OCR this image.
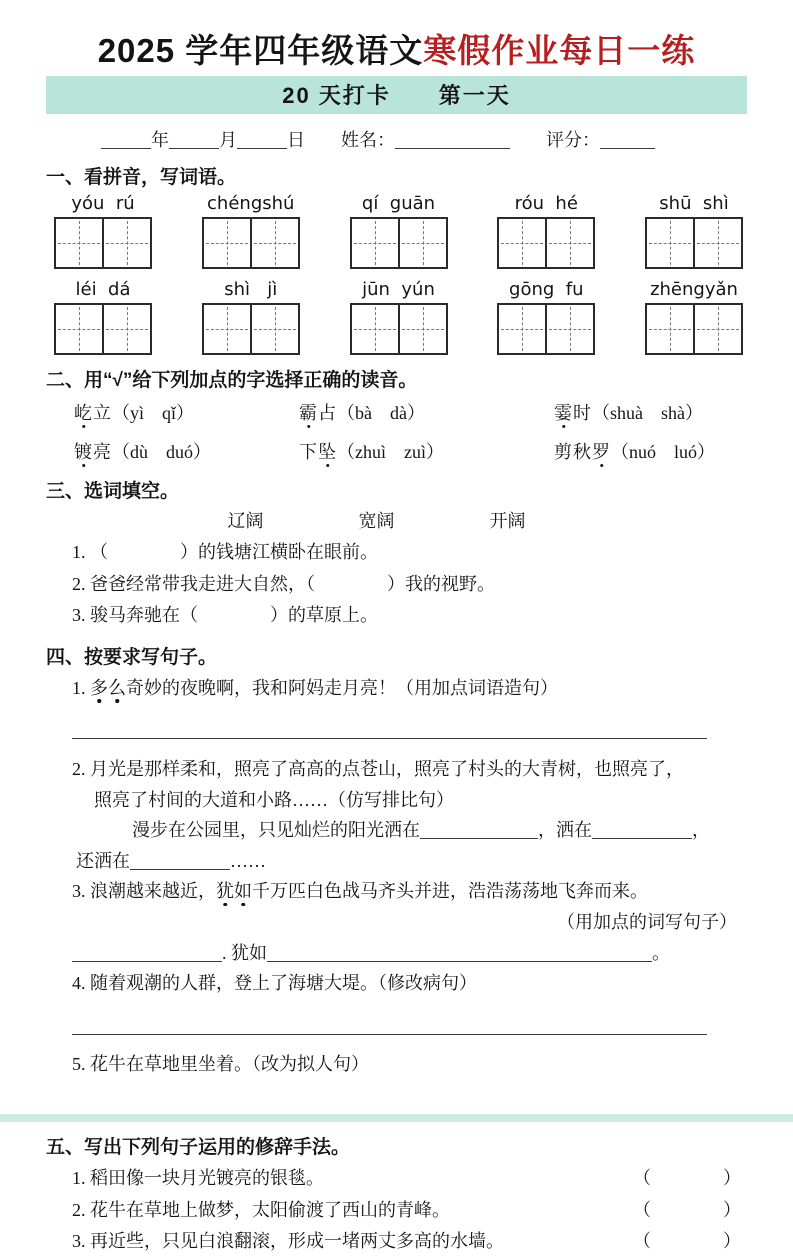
2025 学年四年级语文寒假作业每日一练
20 天打卡　　第一天
年	月	日　　姓名：	　　评分：
一、看拼音，写词语。
yóu  rú	chéngshú	qí  guān	róu  hé	shū  shì
léi  dá	shì   jì	jūn  yún	gōng  fu	zhēngyǎn
二、用“√”给下列加点的字选择正确的读音。
屹立（yì　qǐ）	霸占（bà　dà）	霎时（shuà　shà）
镀亮（dù　duó）	下坠（zhuì　zuì）	剪秋罗（nuó　luó）
三、选词填空。
辽阔	宽阔	开阔
1. （　　　　）的钱塘江横卧在眼前。
2. 爸爸经常带我走进大自然，（　　　　）我的视野。
3. 骏马奔驰在（　　　　）的草原上。
四、按要求写句子。
1. 多么奇妙的夜晚啊，我和阿妈走月亮！（用加点词语造句）
2. 月光是那样柔和，照亮了高高的点苍山，照亮了村头的大青树，也照亮了，
照亮了村间的大道和小路……（仿写排比句）
漫步在公园里，只见灿烂的阳光洒在	，洒在	，
还洒在	……
3. 浪潮越来越近，犹如千万匹白色战马齐头并进，浩浩荡荡地飞奔而来。
（用加点的词写句子）
. 犹如	。
4. 随着观潮的人群，登上了海塘大堤。（修改病句）
5. 花牛在草地里坐着。（改为拟人句）
五、写出下列句子运用的修辞手法。
1. 稻田像一块月光镀亮的银毯。	（　　　　）
2. 花牛在草地上做梦，太阳偷渡了西山的青峰。	（　　　　）
3. 再近些，只见白浪翻滚，形成一堵两丈多高的水墙。	（　　　　）
